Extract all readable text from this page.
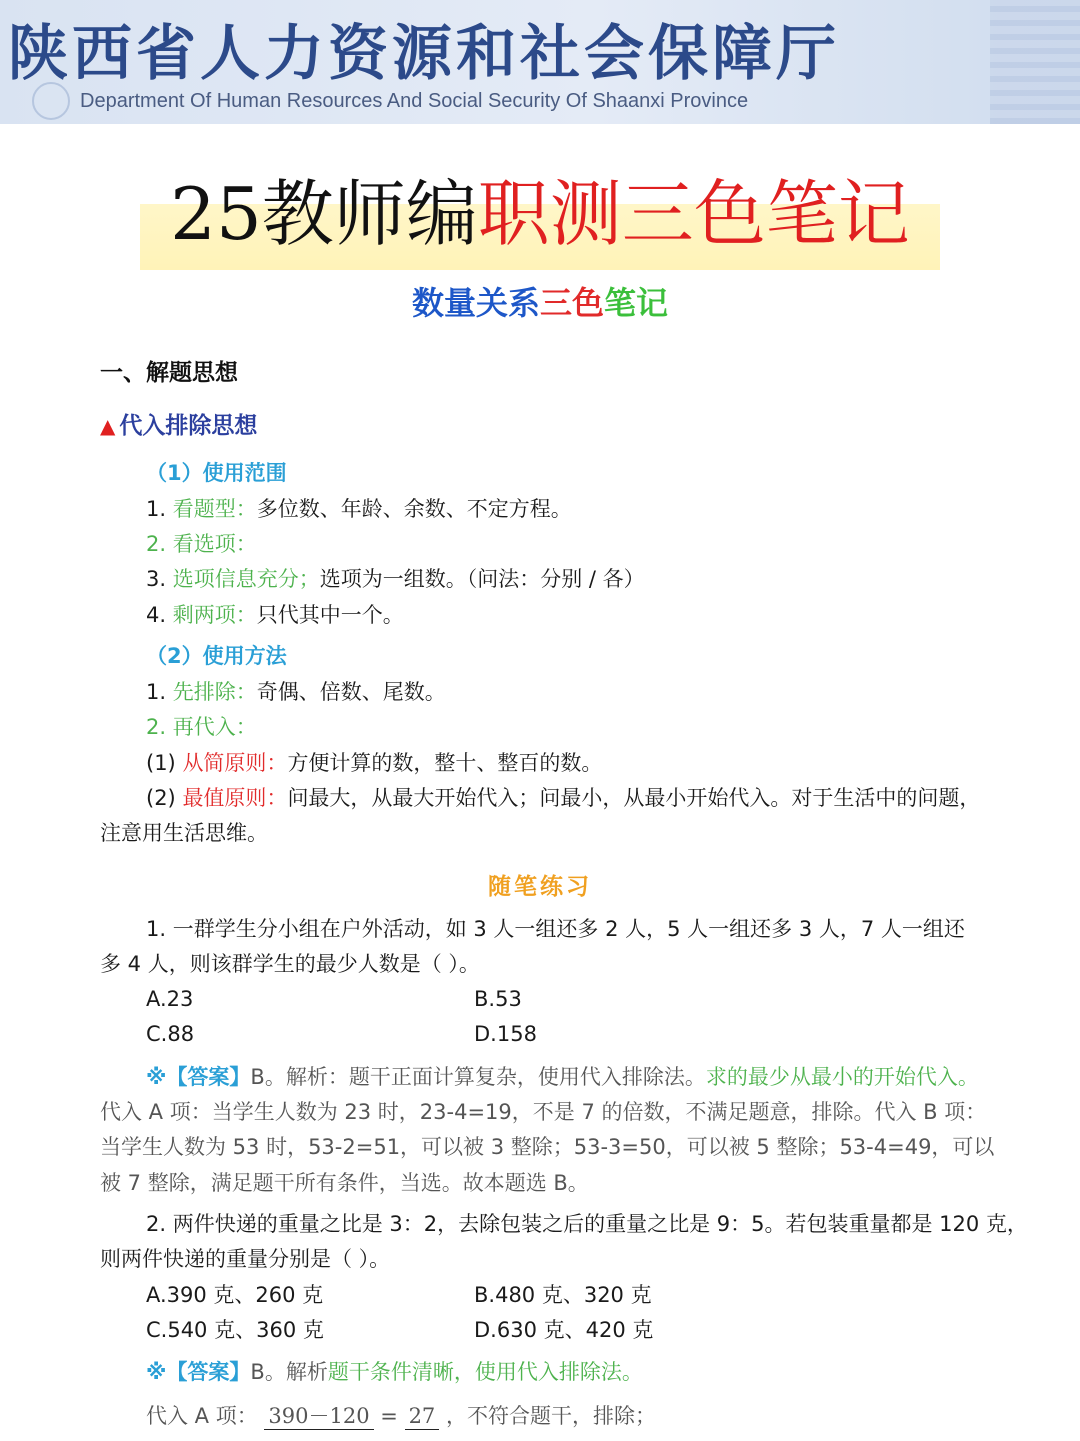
陕西省人力资源和社会保障厅
Department Of Human Resources And Social Security Of Shaanxi Province
25教师编职测三色笔记
数量关系三色笔记
一、解题思想
▲ 代入排除思想
（1）使用范围
1. 看题型：多位数、年龄、余数、不定方程。
2. 看选项：
3. 选项信息充分；选项为一组数。（问法：分别 / 各）
4. 剩两项：只代其中一个。
（2）使用方法
1. 先排除：奇偶、倍数、尾数。
2. 再代入：
(1) 从简原则：方便计算的数，整十、整百的数。
(2) 最值原则：问最大，从最大开始代入；问最小，从最小开始代入。对于生活中的问题，
注意用生活思维。
随笔练习
1. 一群学生分小组在户外活动，如 3 人一组还多 2 人，5 人一组还多 3 人，7 人一组还
多 4 人，则该群学生的最少人数是（ ）。
A.23	B.53
C.88	D.158
※【答案】B。解析：题干正面计算复杂，使用代入排除法。求的最少从最小的开始代入。
代入 A 项：当学生人数为 23 时，23-4=19，不是 7 的倍数，不满足题意，排除。代入 B 项：
当学生人数为 53 时，53-2=51，可以被 3 整除；53-3=50，可以被 5 整除；53-4=49，可以
被 7 整除，满足题干所有条件，当选。故本题选 B。
2. 两件快递的重量之比是 3：2，去除包装之后的重量之比是 9：5。若包装重量都是 120 克，
则两件快递的重量分别是（ ）。
A.390 克、260 克	B.480 克、320 克
C.540 克、360 克	D.630 克、420 克
※【答案】B。解析题干条件清晰，使用代入排除法。
代入 A 项： 390－120 = 27 ，不符合题干，排除；
